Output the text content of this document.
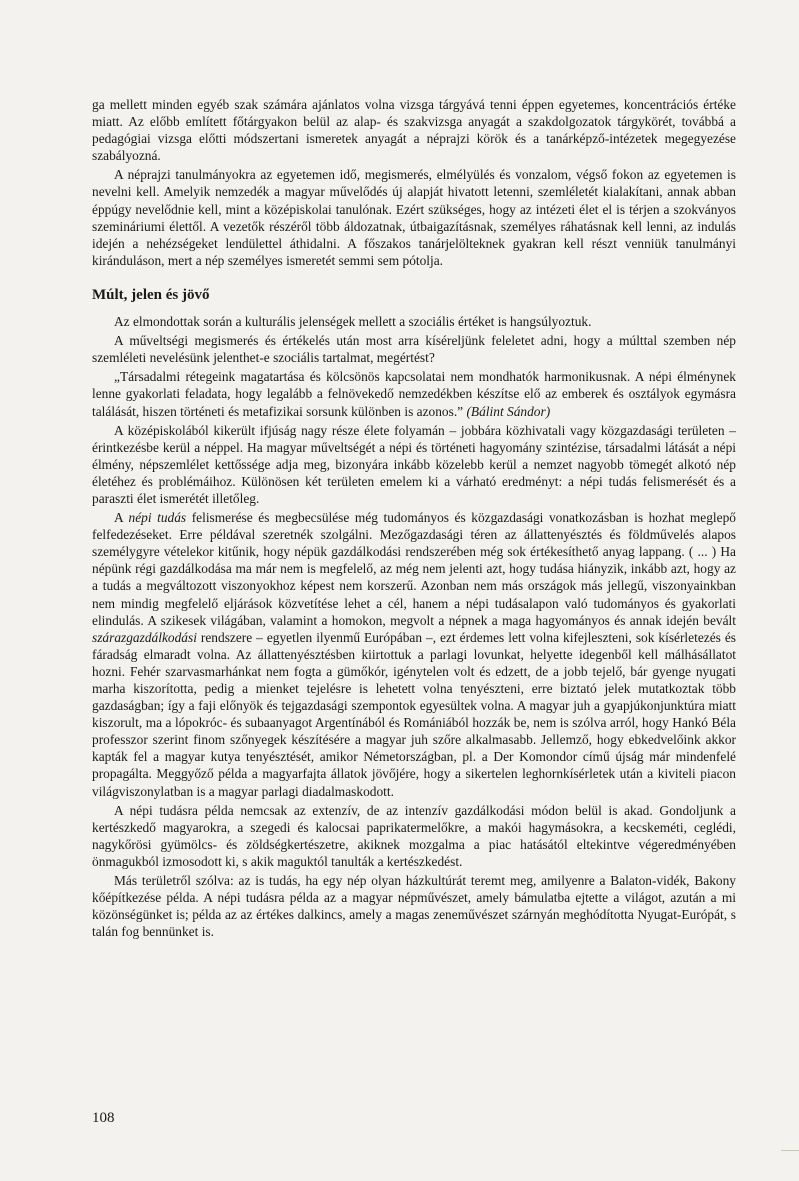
ga mellett minden egyéb szak számára ajánlatos volna vizsga tárgyává tenni éppen egyetemes, koncentrációs értéke miatt. Az előbb említett főtárgyakon belül az alap- és szakvizsga anyagát a szakdolgozatok tárgykörét, továbbá a pedagógiai vizsga előtti módszertani ismeretek anyagát a néprajzi körök és a tanárképző-intézetek megegyezése szabályozná.

A néprajzi tanulmányokra az egyetemen idő, megismerés, elmélyülés és vonzalom, végső fokon az egyetemen is nevelni kell. Amelyik nemzedék a magyar művelődés új alapját hivatott letenni, szemléletét kialakítani, annak abban éppúgy nevelődnie kell, mint a középiskolai tanulónak. Ezért szükséges, hogy az intézeti élet el is térjen a szokványos szemináriumi élettől. A vezetők részéről több áldozatnak, útbaigazításnak, személyes ráhatásnak kell lenni, az indulás idején a nehézségeket lendülettel áthidalni. A főszakos tanárjelölteknek gyakran kell részt venniük tanulmányi kiránduláson, mert a nép személyes ismeretét semmi sem pótolja.

Múlt, jelen és jövő

Az elmondottak során a kulturális jelenségek mellett a szociális értéket is hangsúlyoztuk.

A műveltségi megismerés és értékelés után most arra kíséreljünk feleletet adni, hogy a múlttal szemben nép szemléleti nevelésünk jelenthet-e szociális tartalmat, megértést?

„Társadalmi rétegeink magatartása és kölcsönös kapcsolatai nem mondhatók harmonikusnak. A népi élménynek lenne gyakorlati feladata, hogy legalább a felnövekedő nemzedékben készítse elő az emberek és osztályok egymásra találását, hiszen történeti és metafizikai sorsunk különben is azonos.” (Bálint Sándor)

A középiskolából kikerült ifjúság nagy része élete folyamán – jobbára közhivatali vagy közgazdasági területen – érintkezésbe kerül a néppel. Ha magyar műveltségét a népi és történeti hagyomány szintézise, társadalmi látását a népi élmény, népszemlélet kettőssége adja meg, bizonyára inkább közelebb kerül a nemzet nagyobb tömegét alkotó nép életéhez és problémáihoz. Különösen két területen emelem ki a várható eredményt: a népi tudás felismerését és a paraszti élet ismerétét illetőleg.

A népi tudás felismerése és megbecsülése még tudományos és közgazdasági vonatkozásban is hozhat meglepő felfedezéseket. Erre példával szeretnék szolgálni. Mezőgazdasági téren az állattenyésztés és földművelés alapos személygyre vételekor kitűnik, hogy népük gazdálkodási rendszerében még sok értékesíthető anyag lappang. ( ... ) Ha népünk régi gazdálkodása ma már nem is megfelelő, az még nem jelenti azt, hogy tudása hiányzik, inkább azt, hogy az a tudás a megváltozott viszonyokhoz képest nem korszerű. Azonban nem más országok más jellegű, viszonyainkban nem mindig megfelelő eljárások közvetítése lehet a cél, hanem a népi tudásalapon való tudományos és gyakorlati elindulás. A szikesek világában, valamint a homokon, megvolt a népnek a maga hagyományos és annak idején bevált szárazgazdálkodási rendszere – egyetlen ilyenmű Európában –, ezt érdemes lett volna kifejleszteni, sok kísérletezés és fáradság elmaradt volna. Az állattenyésztésben kiirtottuk a parlagi lovunkat, helyette idegenből kell málhásállatot hozni. Fehér szarvasmarhánkat nem fogta a gümőkór, igénytelen volt és edzett, de a jobb tejelő, bár gyenge nyugati marha kiszorította, pedig a mienket tejelésre is lehetett volna tenyészteni, erre biztató jelek mutatkoztak több gazdaságban; így a faji előnyök és tejgazdasági szempontok egyesültek volna. A magyar juh a gyapjúkonjunktúra miatt kiszorult, ma a lópokróc- és subaanyagot Argentínából és Romániából hozzák be, nem is szólva arról, hogy Hankó Béla professzor szerint finom szőnyegek készítésére a magyar juh szőre alkalmasabb. Jellemző, hogy ebkedvelőink akkor kapták fel a magyar kutya tenyésztését, amikor Németországban, pl. a Der Komondor című újság már mindenfelé propagálta. Meggyőző példa a magyarfajta állatok jövőjére, hogy a sikertelen leghornkísérletek után a kiviteli piacon világviszonylatban is a magyar parlagi diadalmaskodott.

A népi tudásra példa nemcsak az extenzív, de az intenzív gazdálkodási módon belül is akad. Gondoljunk a kertészkedő magyarokra, a szegedi és kalocsai paprikatermelőkre, a makói hagymásokra, a kecskeméti, ceglédi, nagykőrösi gyümölcs- és zöldségkertészetre, akiknek mozgalma a piac hatásától eltekintve végeredményében önmagukból izmosodott ki, s akik maguktól tanulták a kertészkedést.

Más területről szólva: az is tudás, ha egy nép olyan házkultúrát teremt meg, amilyenre a Balaton-vidék, Bakony kőépítkezése példa. A népi tudásra példa az a magyar népművészet, amely bámulatba ejtette a világot, azután a mi közönségünket is; példa az az értékes dalkincs, amely a magas zeneművészet szárnyán meghódította Nyugat-Európát, s talán fog bennünket is.

108
